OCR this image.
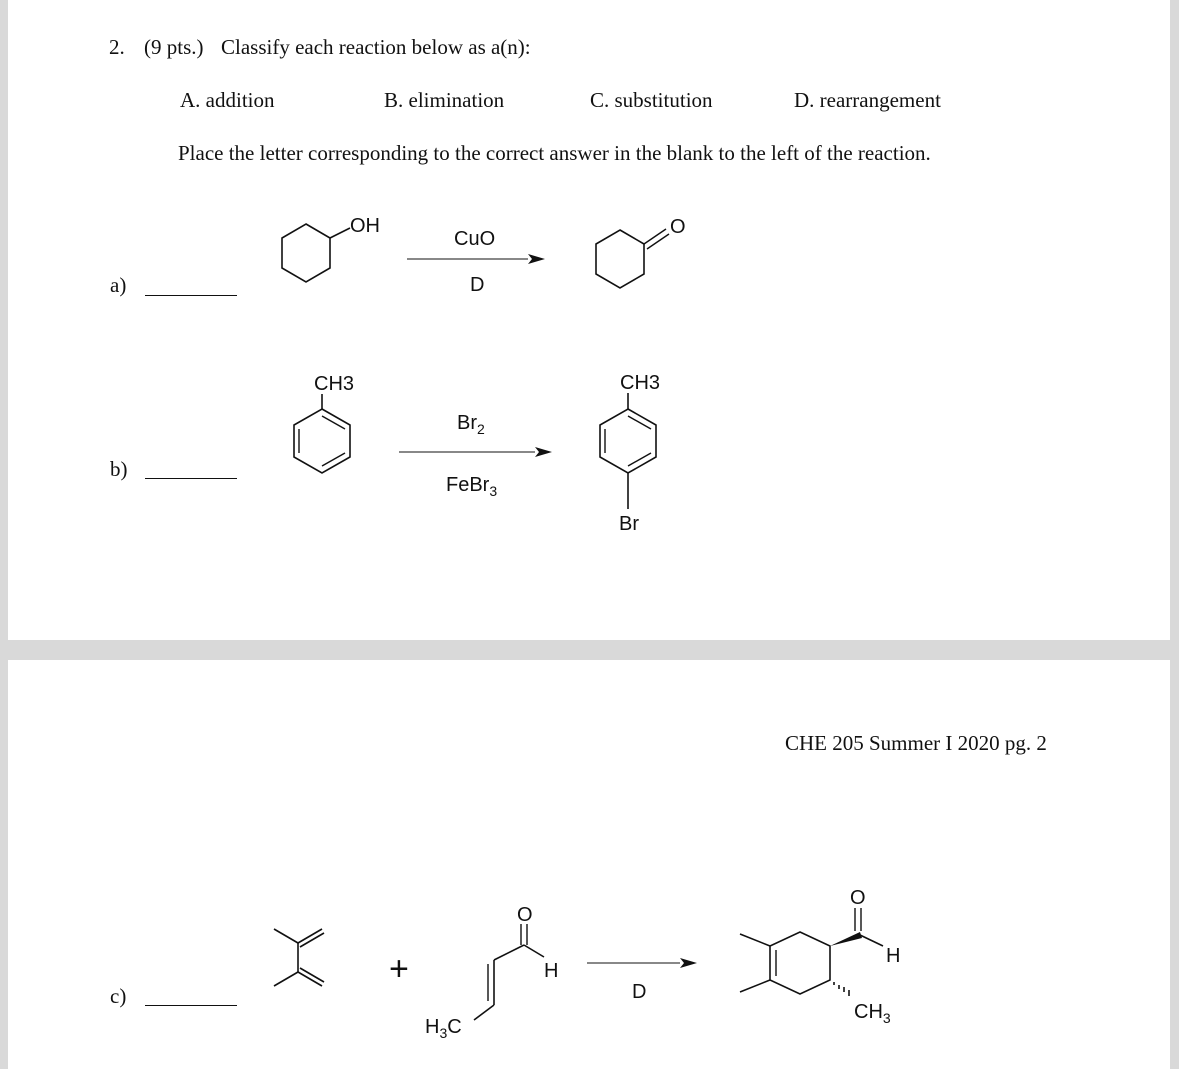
2. (9 pts.) Classify each reaction below as a(n):
A. addition	B. elimination	C. substitution	D. rearrangement
Place the letter corresponding to the correct answer in the blank to the left of the reaction.
a)
OH
CuO
D
O
b)
CH3
$Br_2$
FeBr$_3$
CH3
Br
CHE 205 Summer I 2020 pg. 2
c)
+
O
H
$H_3C$
D
O
H
$CH_3$
